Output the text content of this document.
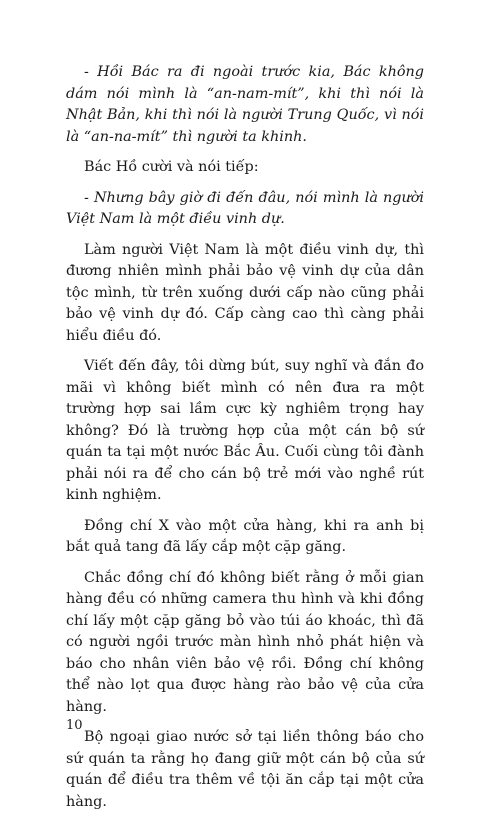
- Hồi Bác ra đi ngoài trước kia, Bác không dám nói mình là “an-nam-mít”, khi thì nói là Nhật Bản, khi thì nói là người Trung Quốc, vì nói là “an-na-mít” thì người ta khinh.

Bác Hồ cười và nói tiếp:

- Nhưng bây giờ đi đến đâu, nói mình là người Việt Nam là một điều vinh dự.

Làm người Việt Nam là một điều vinh dự, thì đương nhiên mình phải bảo vệ vinh dự của dân tộc mình, từ trên xuống dưới cấp nào cũng phải bảo vệ vinh dự đó. Cấp càng cao thì càng phải hiểu điều đó.

Viết đến đây, tôi dừng bút, suy nghĩ và đắn đo mãi vì không biết mình có nên đưa ra một trường hợp sai lầm cực kỳ nghiêm trọng hay không? Đó là trường hợp của một cán bộ sứ quán ta tại một nước Bắc Âu. Cuối cùng tôi đành phải nói ra để cho cán bộ trẻ mới vào nghề rút kinh nghiệm.

Đồng chí X vào một cửa hàng, khi ra anh bị bắt quả tang đã lấy cắp một cặp găng.

Chắc đồng chí đó không biết rằng ở mỗi gian hàng đều có những camera thu hình và khi đồng chí lấy một cặp găng bỏ vào túi áo khoác, thì đã có người ngồi trước màn hình nhỏ phát hiện và báo cho nhân viên bảo vệ rồi. Đồng chí không thể nào lọt qua được hàng rào bảo vệ của cửa hàng.

Bộ ngoại giao nước sở tại liền thông báo cho sứ quán ta rằng họ đang giữ một cán bộ của sứ quán để điều tra thêm về tội ăn cắp tại một cửa hàng.

10
